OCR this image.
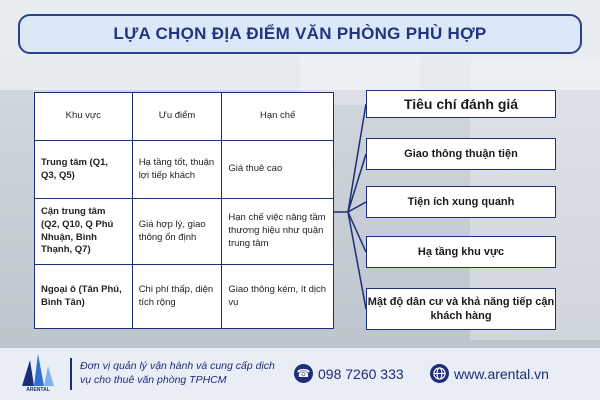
LỰA CHỌN ĐỊA ĐIỂM VĂN PHÒNG PHÙ HỢP
Khu vực	Ưu điểm	Hạn chế
Trung tâm (Q1, Q3, Q5)	Hạ tầng tốt, thuận lợi tiếp khách	Giá thuê cao
Cận trung tâm (Q2, Q10, Q Phú Nhuận, Bình Thạnh, Q7)	Giá hợp lý, giao thông ổn định	Hạn chế việc nâng tầm thương hiệu như quận trung tâm
Ngoại ô (Tân Phú, Bình Tân)	Chi phí thấp, diện tích rộng	Giao thông kém, ít dịch vụ
Tiêu chí đánh giá
Giao thông thuận tiện
Tiện ích xung quanh
Hạ tầng khu vực
Mật độ dân cư và khả năng tiếp cận khách hàng
ARENTAL
Đơn vị quản lý vận hành và cung cấp dịch vụ cho thuê văn phòng TPHCM
☎ 098 7260 333	www.arental.vn
